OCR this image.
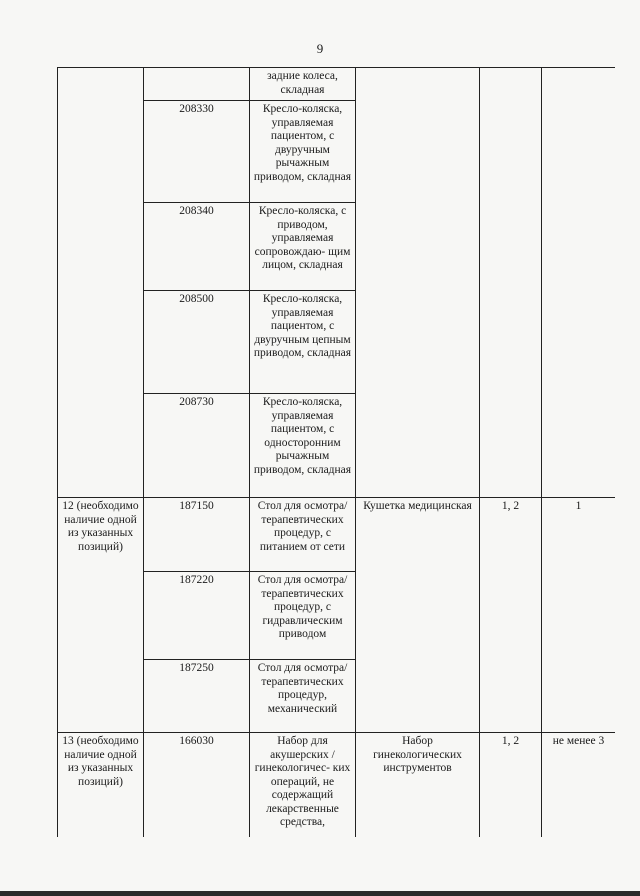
9
		задние колеса, складная			
	208330	Кресло-коляска, управляемая пациентом, с двуручным рычажным приводом, складная			
	208340	Кресло-коляска, с приводом, управляемая сопровождаю- щим лицом, складная			
	208500	Кресло-коляска, управляемая пациентом, с двуручным цепным приводом, складная			
	208730	Кресло-коляска, управляемая пациентом, с односторонним рычажным приводом, складная			
12 (необходимо наличие одной из указанных позиций)	187150	Стол для осмотра/ терапевтических процедур, с питанием от сети	Кушетка медицинская	1, 2	1
	187220	Стол для осмотра/ терапевтических процедур, с гидравлическим приводом			
	187250	Стол для осмотра/ терапевтических процедур, механический			
13 (необходимо наличие одной из указанных позиций)	166030	Набор для акушерских /гинекологичес- ких операций, не содержащий лекарственные средства,	Набор гинекологических инструментов	1, 2	не менее 3
